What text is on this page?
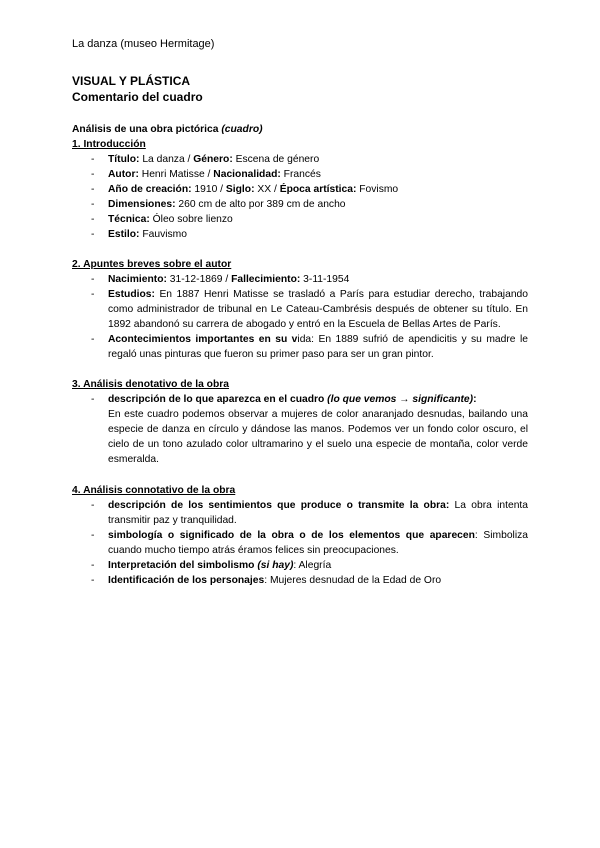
La danza (museo Hermitage)
VISUAL Y PLÁSTICA
Comentario del cuadro
Análisis de una obra pictórica (cuadro)
1. Introducción
- Título: La danza / Género: Escena de género
- Autor: Henri Matisse / Nacionalidad: Francés
- Año de creación: 1910 / Siglo: XX / Época artística: Fovismo
- Dimensiones: 260 cm de alto por 389 cm de ancho
- Técnica: Óleo sobre lienzo
- Estilo: Fauvismo
2. Apuntes breves sobre el autor
- Nacimiento: 31-12-1869 / Fallecimiento: 3-11-1954
- Estudios: En 1887 Henri Matisse se trasladó a París para estudiar derecho, trabajando como administrador de tribunal en Le Cateau-Cambrésis después de obtener su título. En 1892 abandonó su carrera de abogado y entró en la Escuela de Bellas Artes de París.
- Acontecimientos importantes en su vida: En 1889 sufrió de apendicitis y su madre le regaló unas pinturas que fueron su primer paso para ser un gran pintor.
3. Análisis denotativo de la obra
- descripción de lo que aparezca en el cuadro (lo que vemos → significante):
En este cuadro podemos observar a mujeres de color anaranjado desnudas, bailando una especie de danza en círculo y dándose las manos. Podemos ver un fondo color oscuro, el cielo de un tono azulado color ultramarino y el suelo una especie de montaña, color verde esmeralda.
4. Análisis connotativo de la obra
- descripción de los sentimientos que produce o transmite la obra: La obra intenta transmitir paz y tranquilidad.
- simbología o significado de la obra o de los elementos que aparecen: Simboliza cuando mucho tiempo atrás éramos felices sin preocupaciones.
- Interpretación del simbolismo (si hay): Alegría
- Identificación de los personajes: Mujeres desnudad de la Edad de Oro
